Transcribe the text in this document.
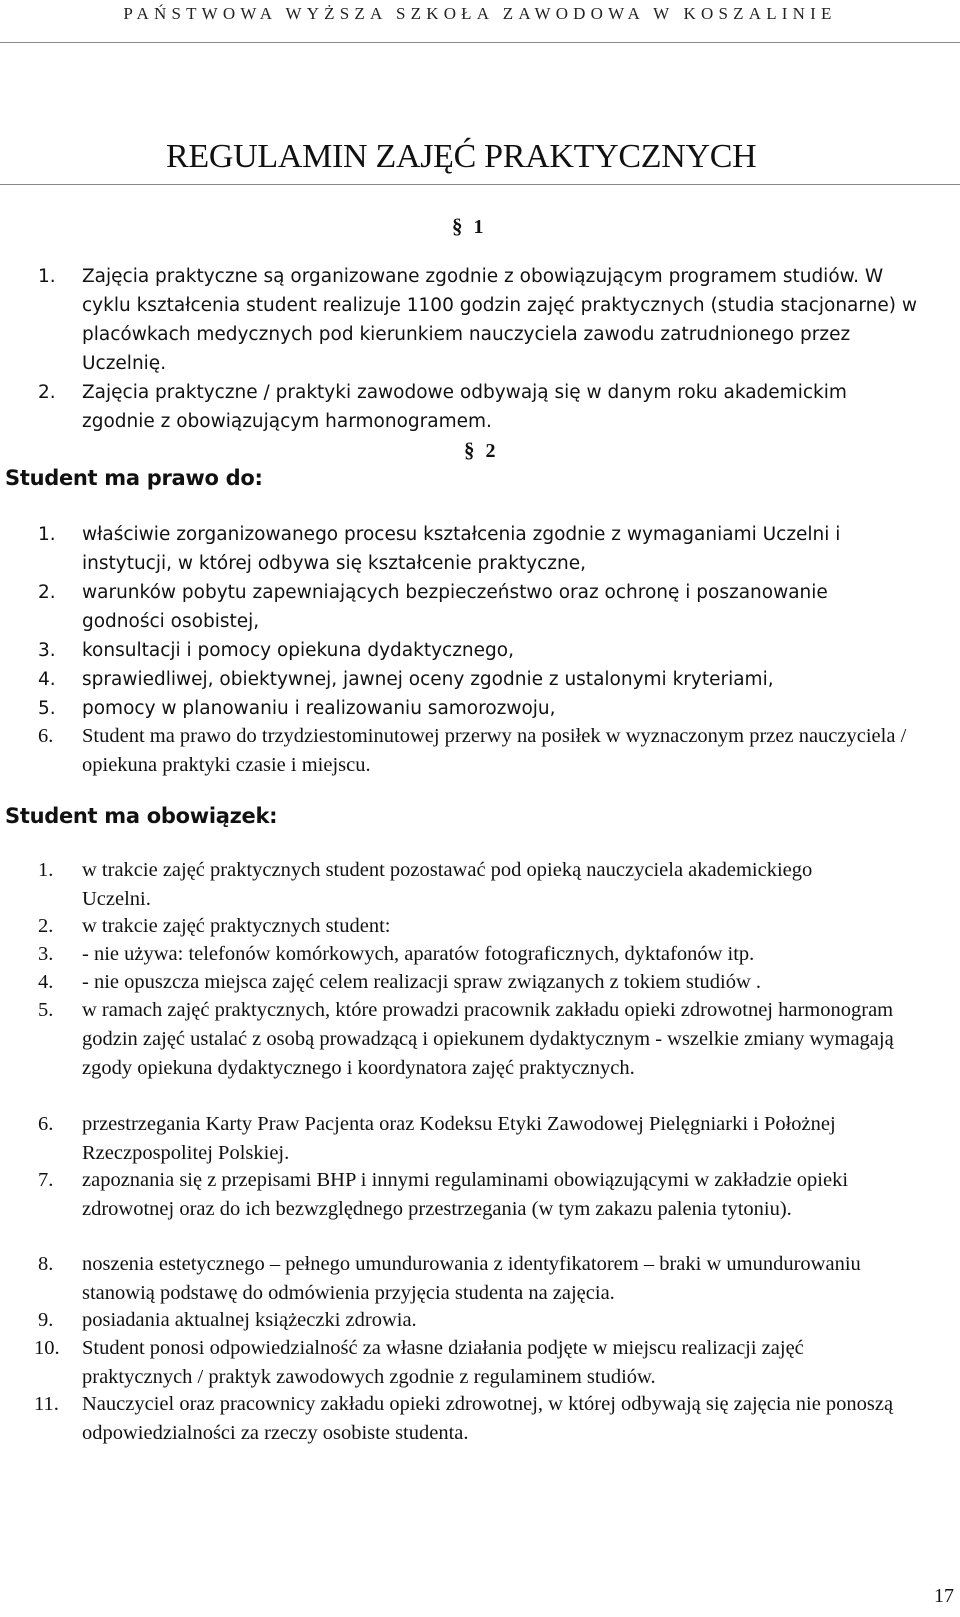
PAŃSTWOWA WYŻSZA SZKOŁA ZAWODOWA W KOSZALINIE
REGULAMIN ZAJĘĆ PRAKTYCZNYCH
§ 1
1. Zajęcia praktyczne są organizowane zgodnie z obowiązującym programem studiów. W cyklu kształcenia student realizuje 1100 godzin zajęć praktycznych (studia stacjonarne) w placówkach medycznych pod kierunkiem nauczyciela zawodu zatrudnionego przez Uczelnię.
2. Zajęcia praktyczne / praktyki zawodowe odbywają się w danym roku akademickim zgodnie z obowiązującym harmonogramem.
§ 2
Student ma prawo do:
1. właściwie zorganizowanego procesu kształcenia zgodnie z wymaganiami Uczelni i instytucji, w której odbywa się kształcenie praktyczne,
2. warunków pobytu zapewniających bezpieczeństwo oraz ochronę i poszanowanie godności osobistej,
3. konsultacji i pomocy opiekuna dydaktycznego,
4. sprawiedliwej, obiektywnej, jawnej oceny zgodnie z ustalonymi kryteriami,
5. pomocy w planowaniu i realizowaniu samorozwoju,
6. Student ma prawo do trzydziestominutowej przerwy na posiłek w wyznaczonym przez nauczyciela / opiekuna praktyki czasie i miejscu.
Student ma obowiązek:
1. w trakcie zajęć praktycznych student pozostawać pod opieką nauczyciela akademickiego Uczelni.
2. w trakcie zajęć praktycznych student:
3. - nie używa: telefonów komórkowych, aparatów fotograficznych, dyktafonów itp.
4. - nie opuszcza miejsca zajęć celem realizacji spraw związanych z tokiem studiów .
5. w ramach zajęć praktycznych, które prowadzi pracownik zakładu opieki zdrowotnej harmonogram godzin zajęć ustalać z osobą prowadzącą i opiekunem dydaktycznym - wszelkie zmiany wymagają zgody opiekuna dydaktycznego i koordynatora zajęć praktycznych.
6. przestrzegania Karty Praw Pacjenta oraz Kodeksu Etyki Zawodowej Pielęgniarki i Położnej Rzeczpospolitej Polskiej.
7. zapoznania się z przepisami BHP i innymi regulaminami obowiązującymi w zakładzie opieki zdrowotnej oraz do ich bezwzględnego przestrzegania (w tym zakazu palenia tytoniu).
8. noszenia estetycznego – pełnego umundurowania z identyfikatorem – braki w umundurowaniu stanowią podstawę do odmówienia przyjęcia studenta na zajęcia.
9. posiadania aktualnej książeczki zdrowia.
10. Student ponosi odpowiedzialność za własne działania podjęte w miejscu realizacji zajęć praktycznych / praktyk zawodowych zgodnie z regulaminem studiów.
11. Nauczyciel oraz pracownicy zakładu opieki zdrowotnej, w której odbywają się zajęcia nie ponoszą odpowiedzialności za rzeczy osobiste studenta.
17
